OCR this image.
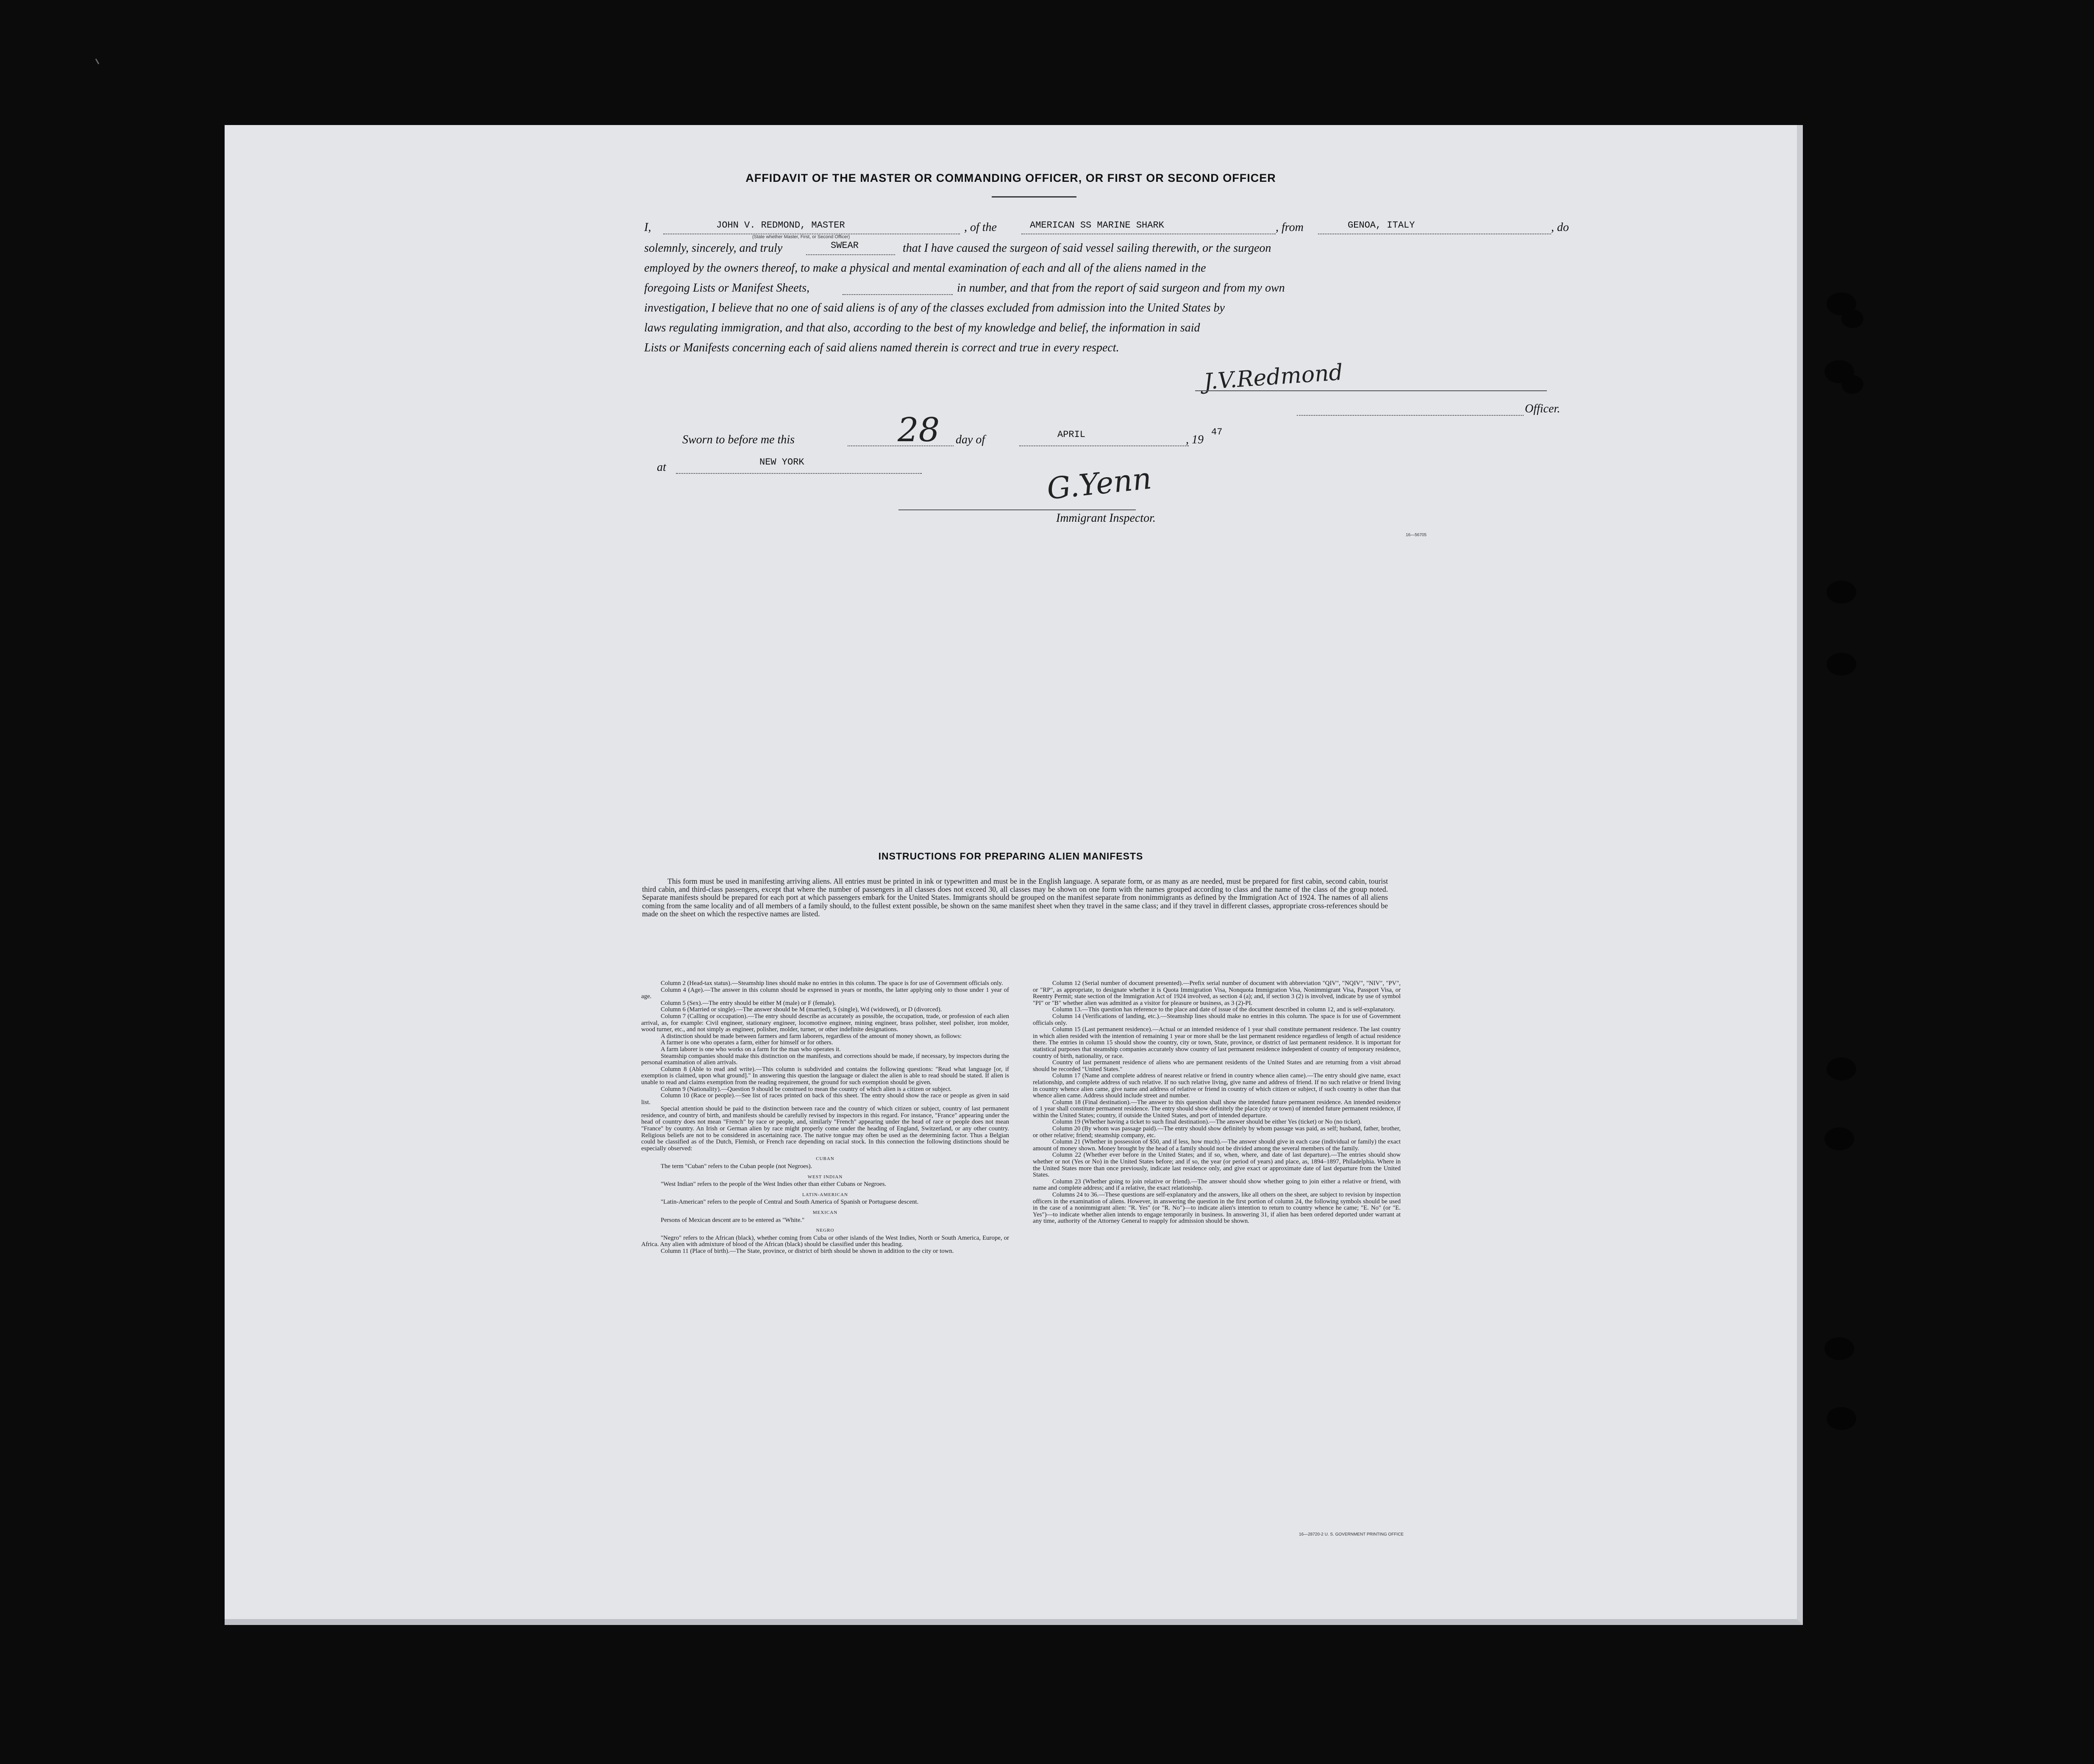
AFFIDAVIT OF THE MASTER OR COMMANDING OFFICER, OR FIRST OR SECOND OFFICER
I,	JOHN V. REDMOND, MASTER
(State whether Master, First, or Second Officer)
, of the	AMERICAN SS MARINE SHARK	, from	GENOA, ITALY	, do
solemnly, sincerely, and truly	SWEAR	that I have caused the surgeon of said vessel sailing therewith, or the surgeon
employed by the owners thereof, to make a physical and mental examination of each and all of the aliens named in the
foregoing Lists or Manifest Sheets,	in number, and that from the report of said surgeon and from my own
investigation, I believe that no one of said aliens is of any of the classes excluded from admission into the United States by
laws regulating immigration, and that also, according to the best of my knowledge and belief, the information in said
Lists or Manifests concerning each of said aliens named therein is correct and true in every respect.
J.V.Redmond
Officer.
Sworn to before me this	28 day of	APRIL	, 19
47
at	NEW YORK	G.Yenn
Immigrant Inspector.
16—56705
INSTRUCTIONS FOR PREPARING ALIEN MANIFESTS

This form must be used in manifesting arriving aliens. All entries must be printed in ink or typewritten and must be in the English language. A separate form, or as many as are needed, must be prepared for first cabin, second cabin, tourist third cabin, and third-class passengers, except that where the number of passengers in all classes does not exceed 30, all classes may be shown on one form with the names grouped according to class and the name of the class of the group noted. Separate manifests should be prepared for each port at which passengers embark for the United States. Immigrants should be grouped on the manifest separate from nonimmigrants as defined by the Immigration Act of 1924. The names of all aliens coming from the same locality and of all members of a family should, to the fullest extent possible, be shown on the same manifest sheet when they travel in the same class; and if they travel in different classes, appropriate cross-references should be made on the sheet on which the respective names are listed.

Column 2 (Head-tax status).—Steamship lines should make no entries in this column. The space is for use of Government officials only.

Column 4 (Age).—The answer in this column should be expressed in years or months, the latter applying only to those under 1 year of age.

Column 5 (Sex).—The entry should be either M (male) or F (female).

Column 6 (Married or single).—The answer should be M (married), S (single), Wd (widowed), or D (divorced).

Column 7 (Calling or occupation).—The entry should describe as accurately as possible, the occupation, trade, or profession of each alien arrival, as, for example: Civil engineer, stationary engineer, locomotive engineer, mining engineer, brass polisher, steel polisher, iron molder, wood turner, etc., and not simply as engineer, polisher, molder, turner, or other indefinite designations.

A distinction should be made between farmers and farm laborers, regardless of the amount of money shown, as follows:

A farmer is one who operates a farm, either for himself or for others.

A farm laborer is one who works on a farm for the man who operates it.

Steamship companies should make this distinction on the manifests, and corrections should be made, if necessary, by inspectors during the personal examination of alien arrivals.

Column 8 (Able to read and write).—This column is subdivided and contains the following questions: "Read what language [or, if exemption is claimed, upon what ground]." In answering this question the language or dialect the alien is able to read should be stated. If alien is unable to read and claims exemption from the reading requirement, the ground for such exemption should be given.

Column 9 (Nationality).—Question 9 should be construed to mean the country of which alien is a citizen or subject.

Column 10 (Race or people).—See list of races printed on back of this sheet. The entry should show the race or people as given in said list.

Special attention should be paid to the distinction between race and the country of which citizen or subject, country of last permanent residence, and country of birth, and manifests should be carefully revised by inspectors in this regard. For instance, "France" appearing under the head of country does not mean "French" by race or people, and, similarly "French" appearing under the head of race or people does not mean "France" by country. An Irish or German alien by race might properly come under the heading of England, Switzerland, or any other country. Religious beliefs are not to be considered in ascertaining race. The native tongue may often be used as the determining factor. Thus a Belgian could be classified as of the Dutch, Flemish, or French race depending on racial stock. In this connection the following distinctions should be especially observed:

CUBAN

The term "Cuban" refers to the Cuban people (not Negroes).

WEST INDIAN

"West Indian" refers to the people of the West Indies other than either Cubans or Negroes.

LATIN-AMERICAN

"Latin-American" refers to the people of Central and South America of Spanish or Portuguese descent.

MEXICAN

Persons of Mexican descent are to be entered as "White."

NEGRO

"Negro" refers to the African (black), whether coming from Cuba or other islands of the West Indies, North or South America, Europe, or Africa. Any alien with admixture of blood of the African (black) should be classified under this heading.

Column 11 (Place of birth).—The State, province, or district of birth should be shown in addition to the city or town.

Column 12 (Serial number of document presented).—Prefix serial number of document with abbreviation "QIV", "NQIV", "NIV", "PV", or "RP", as appropriate, to designate whether it is Quota Immigration Visa, Nonquota Immigration Visa, Nonimmigrant Visa, Passport Visa, or Reentry Permit; state section of the Immigration Act of 1924 involved, as section 4 (a); and, if section 3 (2) is involved, indicate by use of symbol "PI" or "B" whether alien was admitted as a visitor for pleasure or business, as 3 (2)-PI.

Column 13.—This question has reference to the place and date of issue of the document described in column 12, and is self-explanatory.

Column 14 (Verifications of landing, etc.).—Steamship lines should make no entries in this column. The space is for use of Government officials only.

Column 15 (Last permanent residence).—Actual or an intended residence of 1 year shall constitute permanent residence. The last country in which alien resided with the intention of remaining 1 year or more shall be the last permanent residence regardless of length of actual residence there. The entries in column 15 should show the country, city or town, State, province, or district of last permanent residence. It is important for statistical purposes that steamship companies accurately show country of last permanent residence independent of country of temporary residence, country of birth, nationality, or race.

Country of last permanent residence of aliens who are permanent residents of the United States and are returning from a visit abroad should be recorded "United States."

Column 17 (Name and complete address of nearest relative or friend in country whence alien came).—The entry should give name, exact relationship, and complete address of such relative. If no such relative living, give name and address of friend. If no such relative or friend living in country whence alien came, give name and address of relative or friend in country of which citizen or subject, if such country is other than that whence alien came. Address should include street and number.

Column 18 (Final destination).—The answer to this question shall show the intended future permanent residence. An intended residence of 1 year shall constitute permanent residence. The entry should show definitely the place (city or town) of intended future permanent residence, if within the United States; country, if outside the United States, and port of intended departure.

Column 19 (Whether having a ticket to such final destination).—The answer should be either Yes (ticket) or No (no ticket).

Column 20 (By whom was passage paid).—The entry should show definitely by whom passage was paid, as self; husband, father, brother, or other relative; friend; steamship company, etc.

Column 21 (Whether in possession of $50, and if less, how much).—The answer should give in each case (individual or family) the exact amount of money shown. Money brought by the head of a family should not be divided among the several members of the family.

Column 22 (Whether ever before in the United States; and if so, when, where, and date of last departure).—The entries should show whether or not (Yes or No) in the United States before; and if so, the year (or period of years) and place, as, 1894–1897, Philadelphia. Where in the United States more than once previously, indicate last residence only, and give exact or approximate date of last departure from the United States.

Column 23 (Whether going to join relative or friend).—The answer should show whether going to join either a relative or friend, with name and complete address; and if a relative, the exact relationship.

Columns 24 to 36.—These questions are self-explanatory and the answers, like all others on the sheet, are subject to revision by inspection officers in the examination of aliens. However, in answering the question in the first portion of column 24, the following symbols should be used in the case of a nonimmigrant alien: "R. Yes" (or "R. No")—to indicate alien's intention to return to country whence he came; "E. No" (or "E. Yes")—to indicate whether alien intends to engage temporarily in business. In answering 31, if alien has been ordered deported under warrant at any time, authority of the Attorney General to reapply for admission should be shown.

16—28720-2 U. S. GOVERNMENT PRINTING OFFICE
